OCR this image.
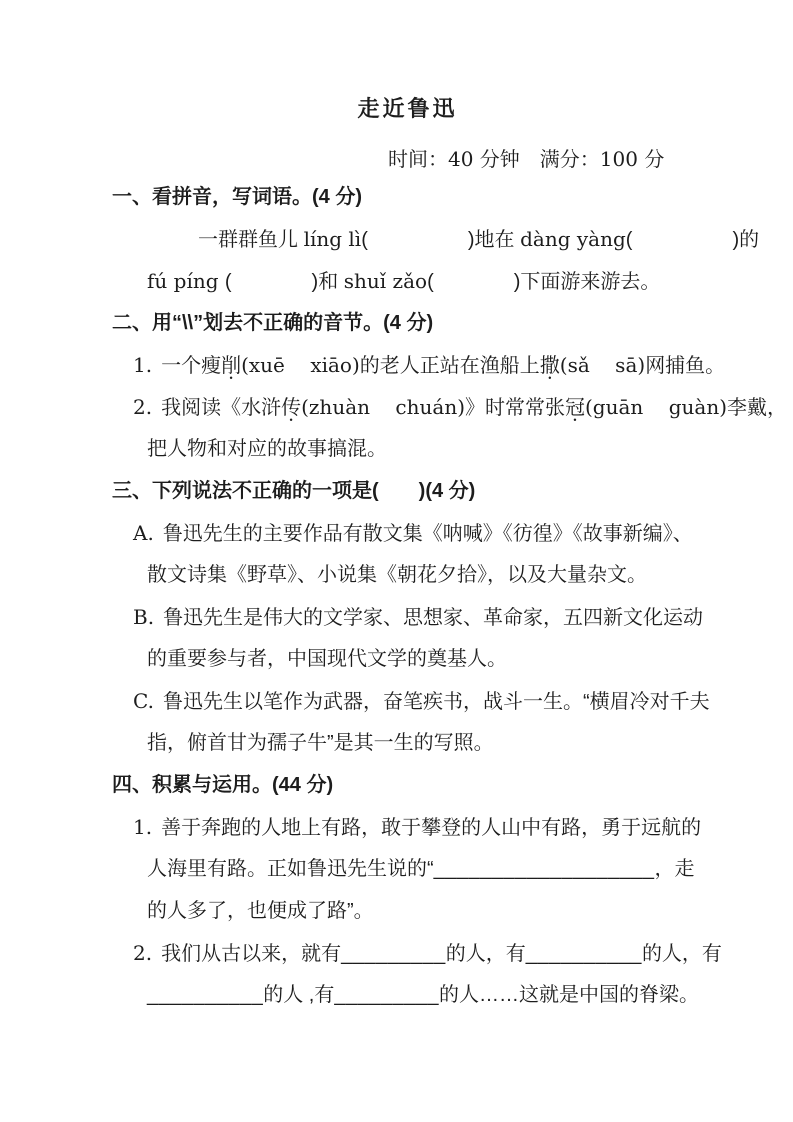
走近鲁迅
时间：40 分钟　满分：100 分
一、看拼音，写词语。(4 分)
一群群鱼儿 líng lì(　　　　　)地在 dàng yàng(　　　　　)的
fú píng (　　　　)和 shuǐ zǎo(　　　　)下面游来游去。
二、用“\\”划去不正确的音节。(4 分)
1. 一个瘦削(xuē    xiāo)的老人正站在渔船上撒(sǎ    sā)网捕鱼。
2. 我阅读《水浒传(zhuàn    chuán)》时常常张冠(guān    guàn)李戴，
把人物和对应的故事搞混。
三、下列说法不正确的一项是(　　)(4 分)
A. 鲁迅先生的主要作品有散文集《呐喊》《彷徨》《故事新编》、
散文诗集《野草》、小说集《朝花夕拾》，以及大量杂文。
B. 鲁迅先生是伟大的文学家、思想家、革命家，五四新文化运动
的重要参与者，中国现代文学的奠基人。
C. 鲁迅先生以笔作为武器，奋笔疾书，战斗一生。“横眉冷对千夫
指，俯首甘为孺子牛”是其一生的写照。
四、积累与运用。(44 分)
1. 善于奔跑的人地上有路，敢于攀登的人山中有路，勇于远航的
人海里有路。正如鲁迅先生说的“___________________，走
的人多了，也便成了路”。
2. 我们从古以来，就有_________的人，有__________的人，有
__________的人 ,有_________的人……这就是中国的脊梁。
